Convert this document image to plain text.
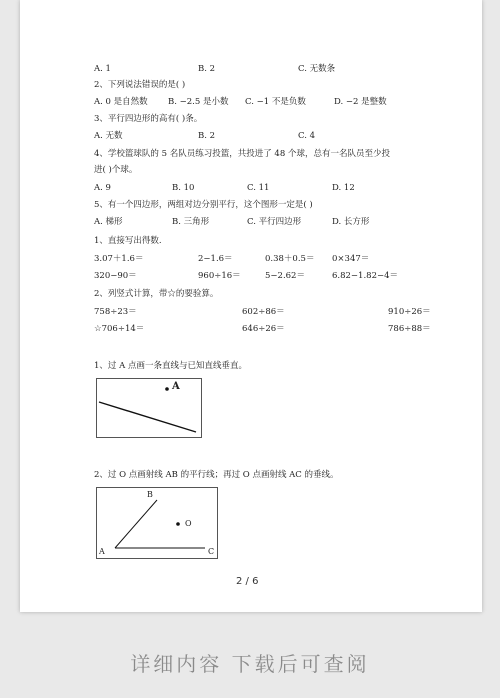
A. 1	B. 2	C. 无数条
2、下列说法错误的是( )
A. 0 是自然数 B. −2.5 是小数 C. −1 不是负数	D. −2 是整数
3、平行四边形的高有( )条。
A. 无数	B. 2	C. 4
4、学校篮球队的 5 名队员练习投篮，共投进了 48 个球，总有一名队员至少投
进( )个球。
A. 9	B. 10	C. 11	D. 12
5、有一个四边形，两组对边分别平行，这个图形一定是( )
A. 梯形	B. 三角形	C. 平行四边形	D. 长方形
1、直接写出得数.
3.07＋1.6＝	2−1.6＝	0.38＋0.5＝ 0×347＝
320−90＝	960÷16＝	5−2.62＝	6.82−1.82−4＝
2、列竖式计算，带☆的要验算。
758÷23＝	602÷86＝	910÷26＝
☆706÷14＝	646÷26＝	786÷88＝
1、过 A 点画一条直线与已知直线垂直。
A
2、过 O 点画射线 AB 的平行线；再过 O 点画射线 AC 的垂线。
B
O
A	C
2 / 6
详细内容 下载后可查阅
